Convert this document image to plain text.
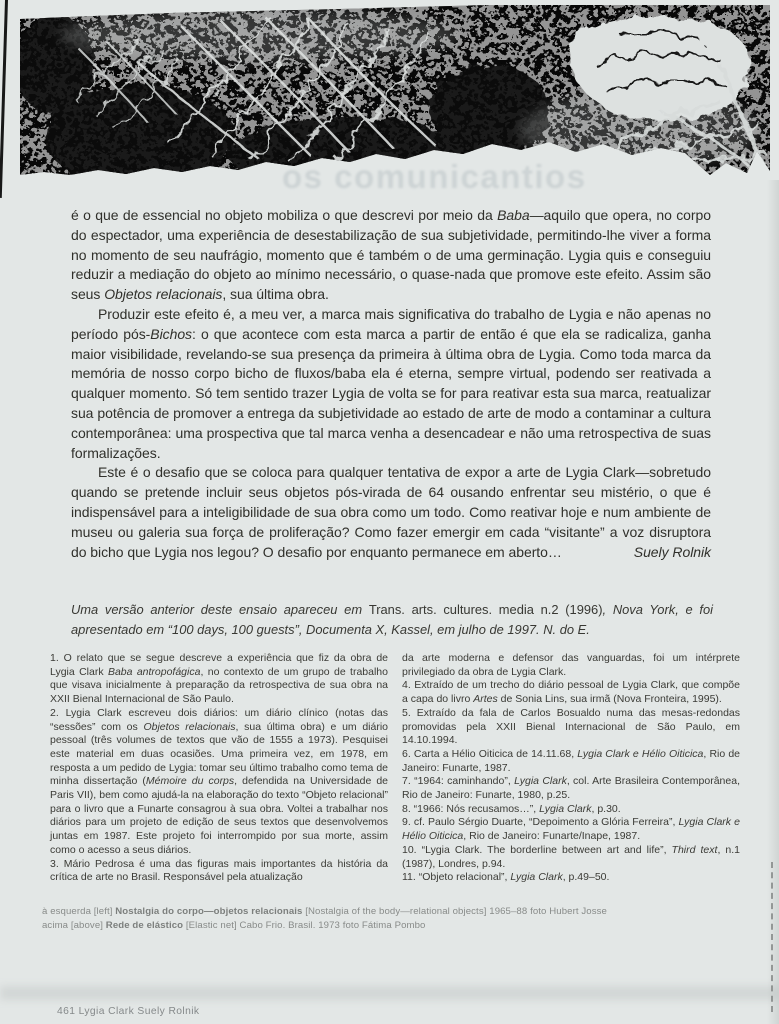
os comunicantios

é o que de essencial no objeto mobiliza o que descrevi por meio da Baba—aquilo que opera, no corpo do espectador, uma experiência de desestabilização de sua subjetividade, permitindo-lhe viver a forma no momento de seu naufrágio, momento que é também o de uma germinação. Lygia quis e conseguiu reduzir a mediação do objeto ao mínimo necessário, o quase-nada que promove este efeito. Assim são seus Objetos relacionais, sua última obra.

Produzir este efeito é, a meu ver, a marca mais significativa do trabalho de Lygia e não apenas no período pós-Bichos: o que acontece com esta marca a partir de então é que ela se radicaliza, ganha maior visibilidade, revelando-se sua presença da primeira à última obra de Lygia. Como toda marca da memória de nosso corpo bicho de fluxos/baba ela é eterna, sempre virtual, podendo ser reativada a qualquer momento. Só tem sentido trazer Lygia de volta se for para reativar esta sua marca, reatualizar sua potência de promover a entrega da subjetividade ao estado de arte de modo a contaminar a cultura contemporânea: uma prospectiva que tal marca venha a desencadear e não uma retrospectiva de suas formalizações.

Este é o desafio que se coloca para qualquer tentativa de expor a arte de Lygia Clark—sobretudo quando se pretende incluir seus objetos pós-virada de 64 ousando enfrentar seu mistério, o que é indispensável para a inteligibilidade de sua obra como um todo. Como reativar hoje e num ambiente de museu ou galeria sua força de proliferação? Como fazer emergir em cada “visitante” a voz disruptora do bicho que Lygia nos legou? O desafio por enquanto permanece em aberto…	Suely Rolnik
Uma versão anterior deste ensaio apareceu em Trans. arts. cultures. media n.2 (1996), Nova York, e foi apresentado em “100 days, 100 guests”, Documenta X, Kassel, em julho de 1997. N. do E.
1. O relato que se segue descreve a experiência que fiz da obra de Lygia Clark Baba antropofágica, no contexto de um grupo de trabalho que visava inicialmente à preparação da retrospectiva de sua obra na XXII Bienal Internacional de São Paulo.
2. Lygia Clark escreveu dois diários: um diário clínico (notas das “sessões” com os Objetos relacionais, sua última obra) e um diário pessoal (três volumes de textos que vão de 1555 a 1973). Pesquisei este material em duas ocasiões. Uma primeira vez, em 1978, em resposta a um pedido de Lygia: tomar seu último trabalho como tema de minha dissertação (Mémoire du corps, defendida na Universidade de Paris VII), bem como ajudá-la na elaboração do texto “Objeto relacional” para o livro que a Funarte consagrou à sua obra. Voltei a trabalhar nos diários para um projeto de edição de seus textos que desenvolvemos juntas em 1987. Este projeto foi interrompido por sua morte, assim como o acesso a seus diários.
3. Mário Pedrosa é uma das figuras mais importantes da história da crítica de arte no Brasil. Responsável pela atualização
da arte moderna e defensor das vanguardas, foi um intérprete privilegiado da obra de Lygia Clark.
4. Extraído de um trecho do diário pessoal de Lygia Clark, que compõe a capa do livro Artes de Sonia Lins, sua irmã (Nova Fronteira, 1995).
5. Extraído da fala de Carlos Bosualdo numa das mesas-redondas promovidas pela XXII Bienal Internacional de São Paulo, em 14.10.1994.
6. Carta a Hélio Oiticica de 14.11.68, Lygia Clark e Hélio Oiticica, Rio de Janeiro: Funarte, 1987.
7. “1964: caminhando”, Lygia Clark, col. Arte Brasileira Contemporânea, Rio de Janeiro: Funarte, 1980, p.25.
8. “1966: Nós recusamos…”, Lygia Clark, p.30.
9. cf. Paulo Sérgio Duarte, “Depoimento a Glória Ferreira”, Lygia Clark e Hélio Oiticica, Rio de Janeiro: Funarte/Inape, 1987.
10. “Lygia Clark. The borderline between art and life”, Third text, n.1 (1987), Londres, p.94.
11. “Objeto relacional”, Lygia Clark, p.49–50.
à esquerda [left] Nostalgia do corpo—objetos relacionais [Nostalgia of the body—relational objects] 1965–88 foto Hubert Josse
acima [above] Rede de elástico [Elastic net] Cabo Frio. Brasil. 1973 foto Fátima Pombo
461 Lygia Clark Suely Rolnik
